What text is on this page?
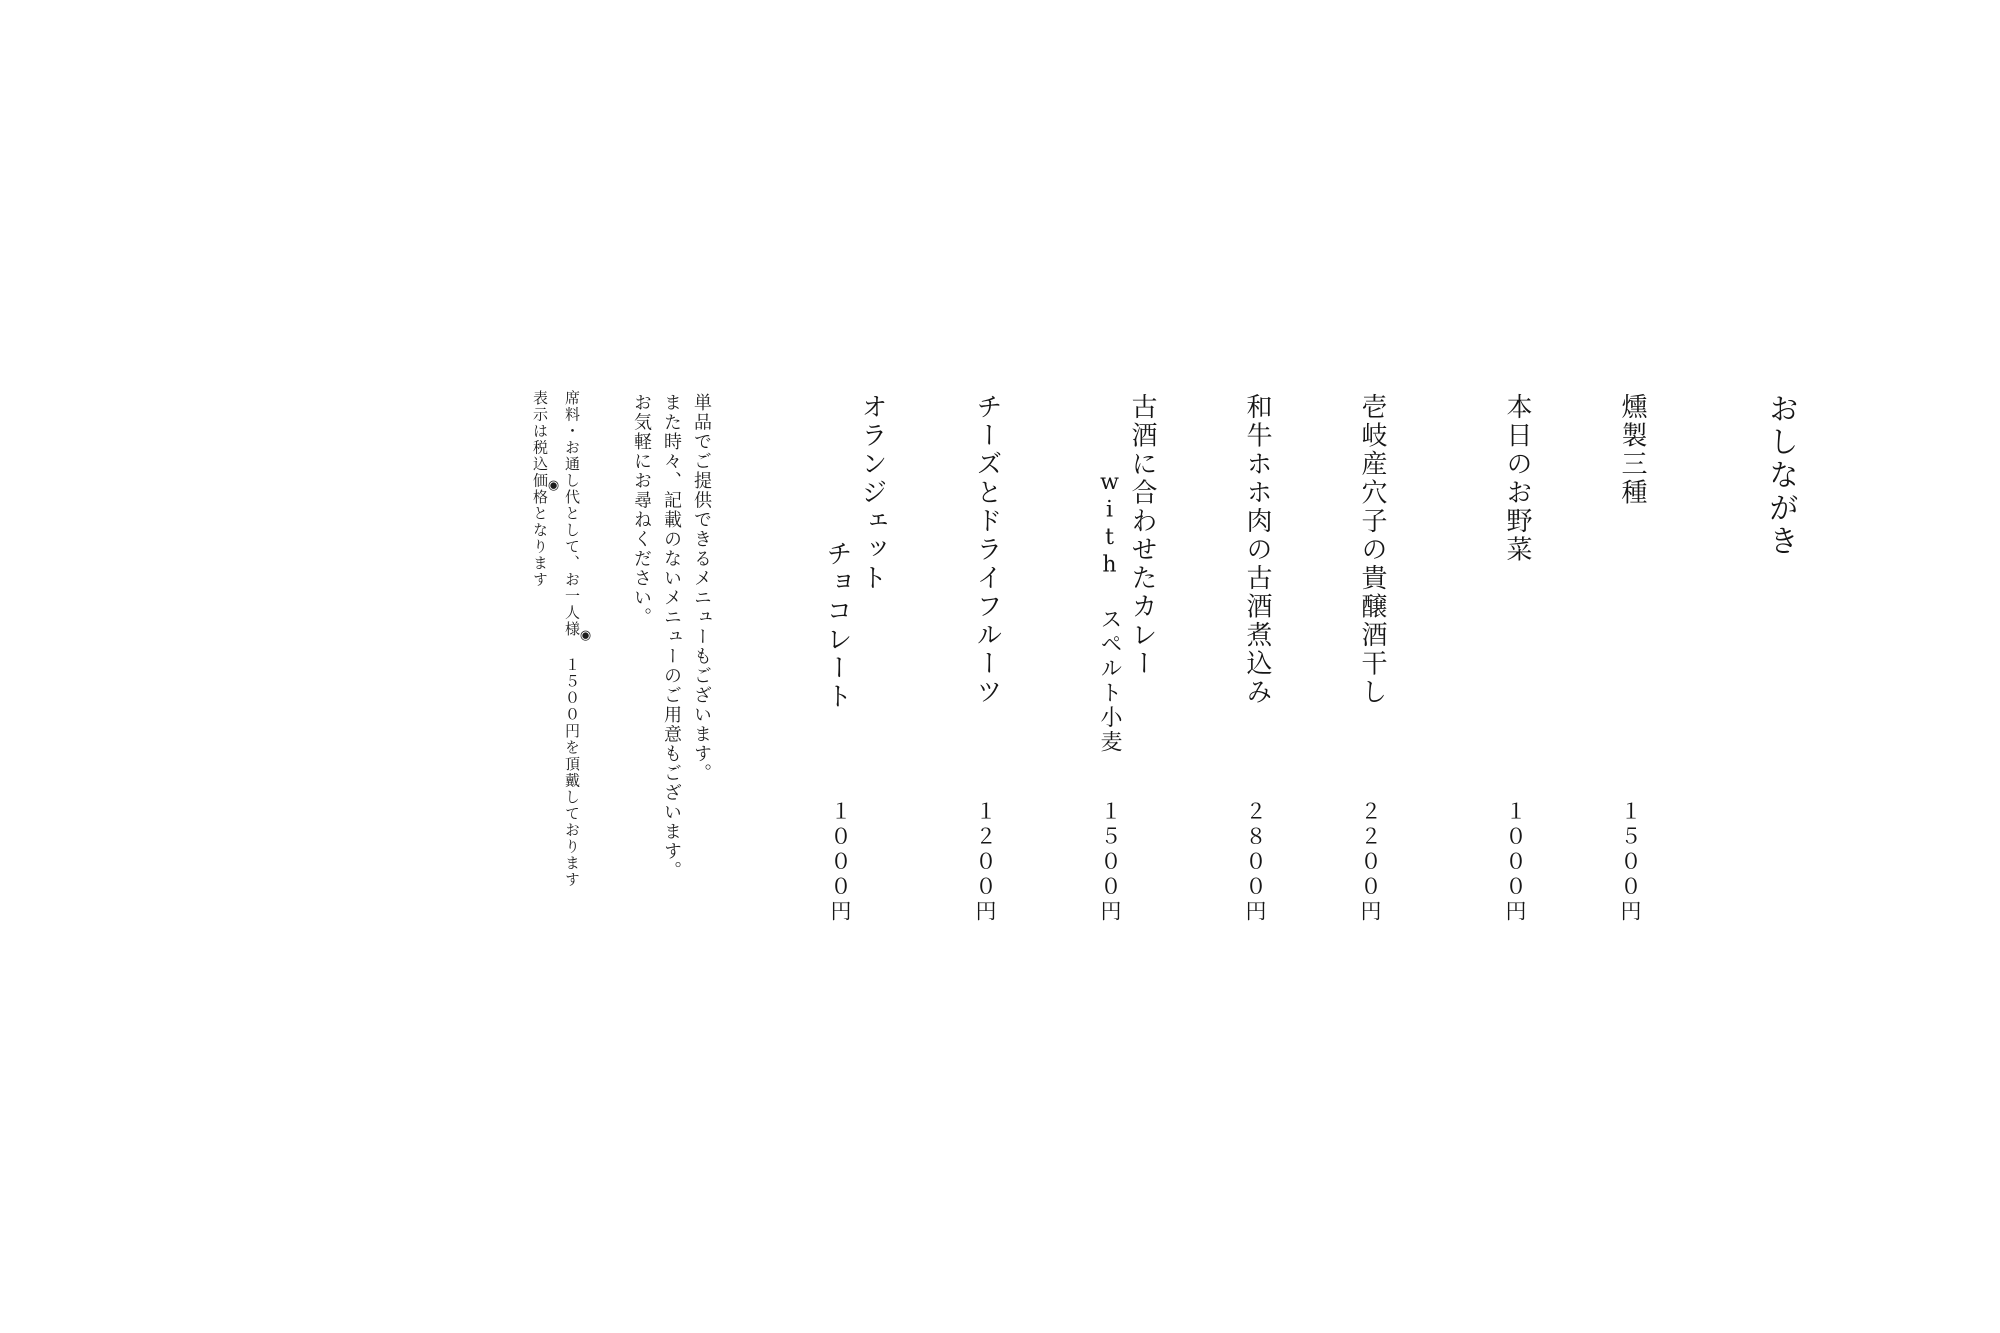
おしながき
燻製三種
１５００円
本日のお野菜
１０００円
壱岐産穴子の貴醸酒干し
２２００円
和牛ホホ肉の古酒煮込み
２８００円
古酒に合わせたカレー
with スペルト小麦
１５００円
チーズとドライフルーツ
１２００円
オランジェット
チョコレート
１０００円
単品でご提供できるメニューもございます。
また時々、記載のないメニューのご用意もございます。
お気軽にお尋ねください。
◉
席料・お通し代として、お一人様 １５００円を頂戴しております
◉
表示は税込価格となります
